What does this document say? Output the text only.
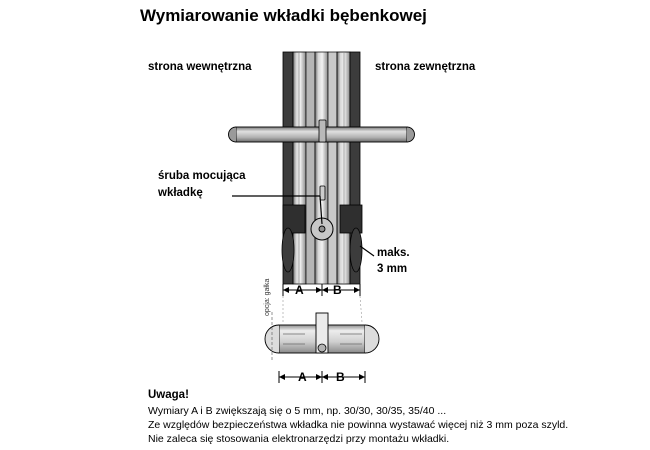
Wymiarowanie wkładki bębenkowej
strona wewnętrzna	strona zewnętrzna
śruba mocująca
wkładkę
maks.
3 mm
A B
A B
opcja: gałka
Uwaga!
Wymiary A i B zwiększają się o 5 mm, np. 30/30, 30/35, 35/40 ...
Ze względów bezpieczeństwa wkładka nie powinna wystawać więcej niż 3 mm poza szyld.
Nie zaleca się stosowania elektronarzędzi przy montażu wkładki.
